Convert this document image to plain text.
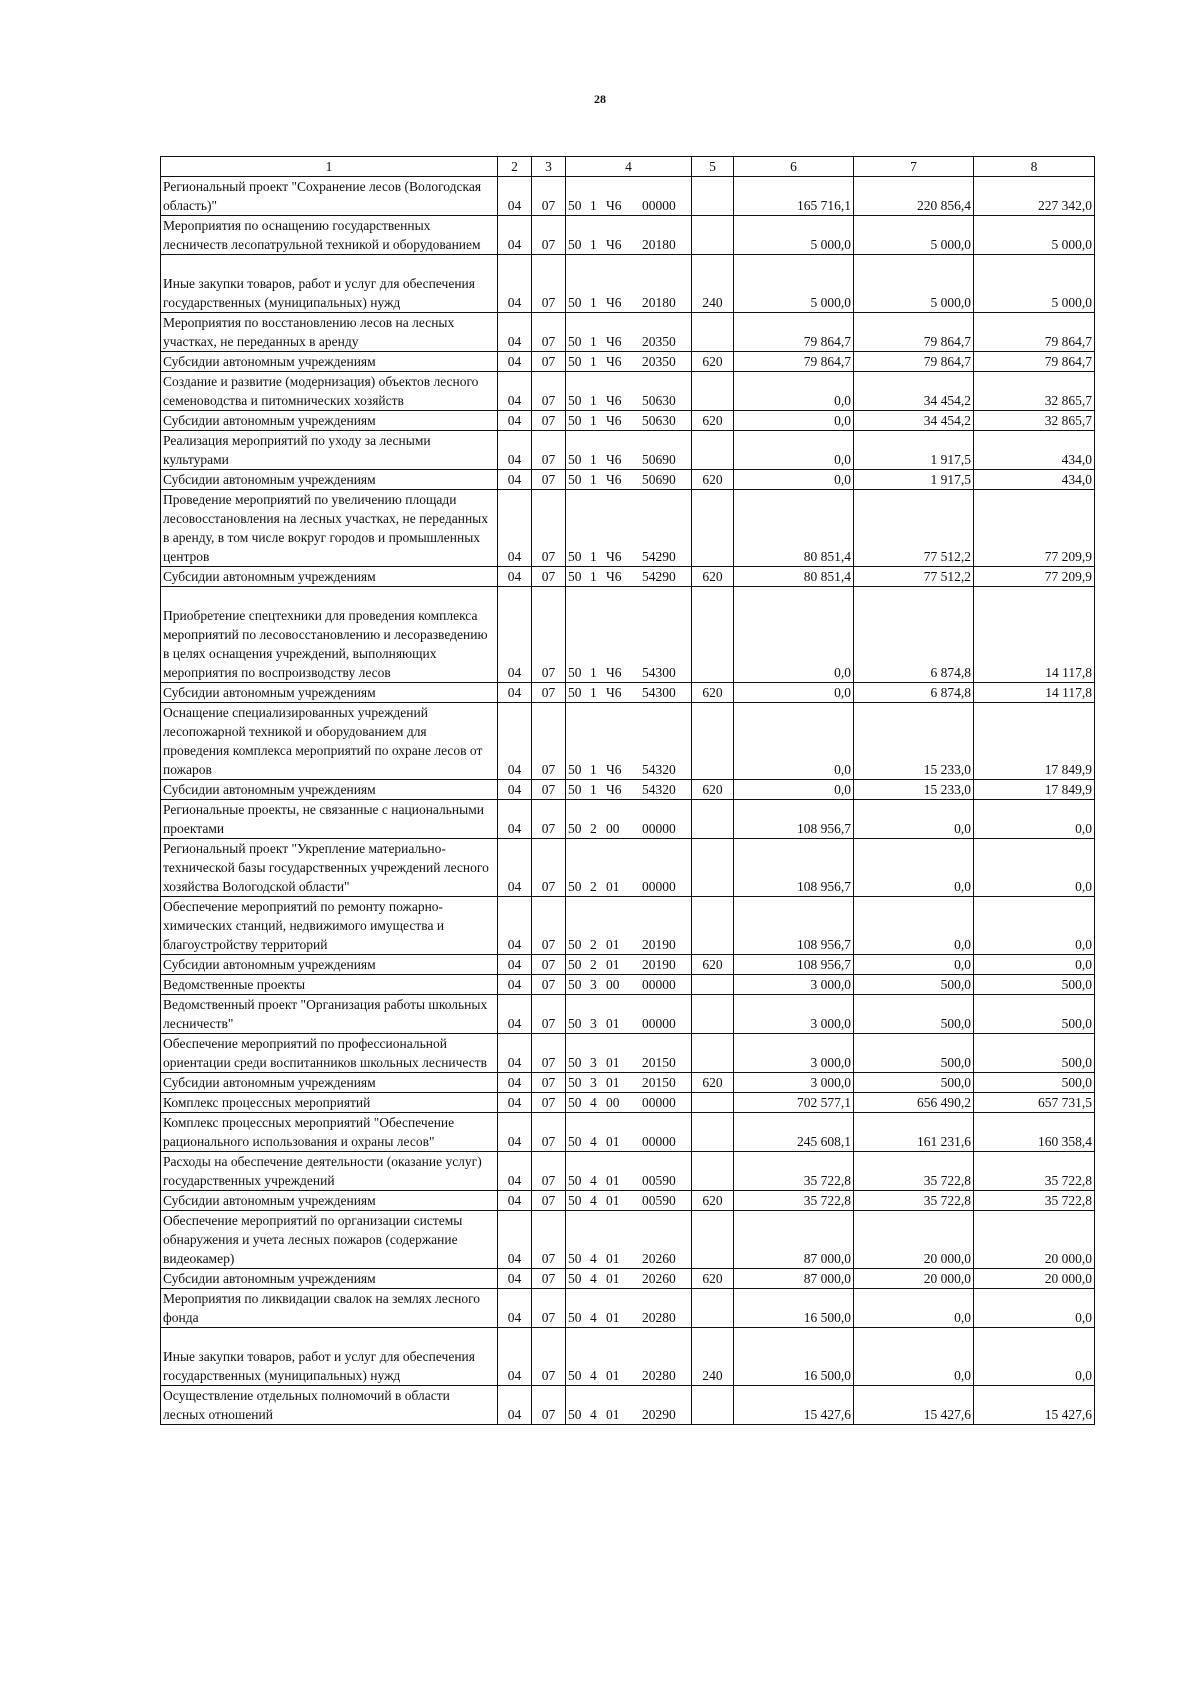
28
1	2	3	4	5	6	7	8
Региональный проект "Сохранение лесов (Вологодская область)"	04	07	50 1 Ч6 00000		165 716,1	220 856,4	227 342,0
Мероприятия по оснащению государственных лесничеств лесопатрульной техникой и оборудованием	04	07	50 1 Ч6 20180		5 000,0	5 000,0	5 000,0
Иные закупки товаров, работ и услуг для обеспечения государственных (муниципальных) нужд	04	07	50 1 Ч6 20180	240	5 000,0	5 000,0	5 000,0
Мероприятия по восстановлению лесов на лесных участках, не переданных в аренду	04	07	50 1 Ч6 20350		79 864,7	79 864,7	79 864,7
Субсидии автономным учреждениям	04	07	50 1 Ч6 20350	620	79 864,7	79 864,7	79 864,7
Создание и развитие (модернизация) объектов лесного семеноводства и питомнических хозяйств	04	07	50 1 Ч6 50630		0,0	34 454,2	32 865,7
Субсидии автономным учреждениям	04	07	50 1 Ч6 50630	620	0,0	34 454,2	32 865,7
Реализация мероприятий по уходу за лесными культурами	04	07	50 1 Ч6 50690		0,0	1 917,5	434,0
Субсидии автономным учреждениям	04	07	50 1 Ч6 50690	620	0,0	1 917,5	434,0
Проведение мероприятий по увеличению площади лесовосстановления на лесных участках, не переданных в аренду, в том числе вокруг городов и промышленных центров	04	07	50 1 Ч6 54290		80 851,4	77 512,2	77 209,9
Субсидии автономным учреждениям	04	07	50 1 Ч6 54290	620	80 851,4	77 512,2	77 209,9
Приобретение спецтехники для проведения комплекса мероприятий по лесовосстановлению и лесоразведению в целях оснащения учреждений, выполняющих мероприятия по воспроизводству лесов	04	07	50 1 Ч6 54300		0,0	6 874,8	14 117,8
Субсидии автономным учреждениям	04	07	50 1 Ч6 54300	620	0,0	6 874,8	14 117,8
Оснащение специализированных учреждений лесопожарной техникой и оборудованием для проведения комплекса мероприятий по охране лесов от пожаров	04	07	50 1 Ч6 54320		0,0	15 233,0	17 849,9
Субсидии автономным учреждениям	04	07	50 1 Ч6 54320	620	0,0	15 233,0	17 849,9
Региональные проекты, не связанные с национальными проектами	04	07	50 2 00 00000		108 956,7	0,0	0,0
Региональный проект "Укрепление материально-технической базы государственных учреждений лесного хозяйства Вологодской области"	04	07	50 2 01 00000		108 956,7	0,0	0,0
Обеспечение мероприятий по ремонту пожарно-химических станций, недвижимого имущества и благоустройству территорий	04	07	50 2 01 20190		108 956,7	0,0	0,0
Субсидии автономным учреждениям	04	07	50 2 01 20190	620	108 956,7	0,0	0,0
Ведомственные проекты	04	07	50 3 00 00000		3 000,0	500,0	500,0
Ведомственный проект "Организация работы школьных лесничеств"	04	07	50 3 01 00000		3 000,0	500,0	500,0
Обеспечение мероприятий по профессиональной ориентации среди воспитанников школьных лесничеств	04	07	50 3 01 20150		3 000,0	500,0	500,0
Субсидии автономным учреждениям	04	07	50 3 01 20150	620	3 000,0	500,0	500,0
Комплекс процессных мероприятий	04	07	50 4 00 00000		702 577,1	656 490,2	657 731,5
Комплекс процессных мероприятий "Обеспечение рационального использования и охраны лесов"	04	07	50 4 01 00000		245 608,1	161 231,6	160 358,4
Расходы на обеспечение деятельности (оказание услуг) государственных учреждений	04	07	50 4 01 00590		35 722,8	35 722,8	35 722,8
Субсидии автономным учреждениям	04	07	50 4 01 00590	620	35 722,8	35 722,8	35 722,8
Обеспечение мероприятий по организации системы обнаружения и учета лесных пожаров (содержание видеокамер)	04	07	50 4 01 20260		87 000,0	20 000,0	20 000,0
Субсидии автономным учреждениям	04	07	50 4 01 20260	620	87 000,0	20 000,0	20 000,0
Мероприятия по ликвидации свалок на землях лесного фонда	04	07	50 4 01 20280		16 500,0	0,0	0,0
Иные закупки товаров, работ и услуг для обеспечения государственных (муниципальных) нужд	04	07	50 4 01 20280	240	16 500,0	0,0	0,0
Осуществление отдельных полномочий в области лесных отношений	04	07	50 4 01 20290		15 427,6	15 427,6	15 427,6
